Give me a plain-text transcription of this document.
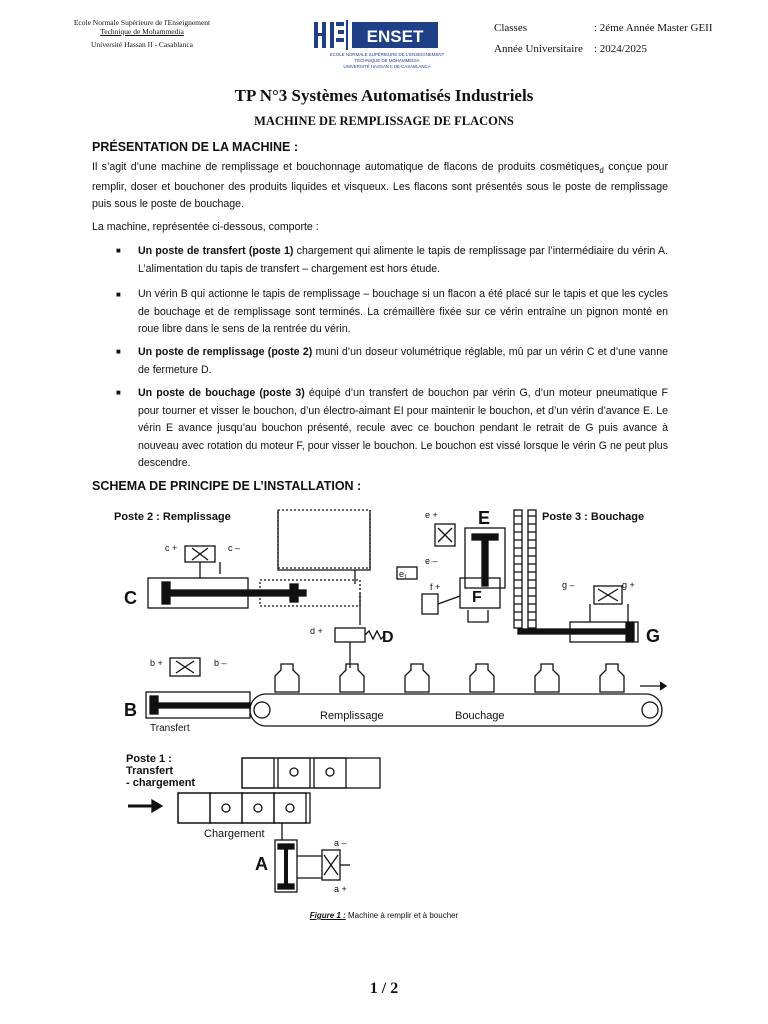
Ecole Normale Supérieure de l'Enseignement
Technique de Mohammedia
Université Hassan II - Casablanca	ENSET
ECOLE NORMALE SUPÉRIEURE DE L'ENSEIGNEMENT
TECHNIQUE DE MOHAMMEDIA
UNIVERSITÉ HASSAN II DE CASABLANCA
Classes	: 2éme Année Master GEII
Année Universitaire	: 2024/2025
TP N°3 Systèmes Automatisés Industriels
MACHINE DE REMPLISSAGE DE FLACONS
PRÉSENTATION DE LA MACHINE :
Il s’agit d’une machine de remplissage et bouchonnage automatique de flacons de produits cosmétiques$_d$ conçue pour remplir, doser et bouchoner des produits liquides et visqueux. Les flacons sont présentés sous le poste de remplissage puis sous le poste de bouchage.
La machine, représentée ci-dessous, comporte :
■ Un poste de transfert (poste 1) chargement qui alimente le tapis de remplissage par l’intermédiaire du vérin A. L’alimentation du tapis de transfert – chargement est hors étude.
■ Un vérin B qui actionne le tapis de remplissage – bouchage si un flacon a été placé sur le tapis et que les cycles de bouchage et de remplissage sont terminés. La crémaillère fixée sur ce vérin entraîne un pignon monté en roue libre dans le sens de la rentrée du vérin.
■ Un poste de remplissage (poste 2) muni d’un doseur volumétrique réglable, mû par un vérin C et d’une vanne de fermeture D.
■ Un poste de bouchage (poste 3) équipé d’un transfert de bouchon par vérin G, d’un moteur pneumatique F pour tourner et visser le bouchon, d’un électro-aimant EI pour maintenir le bouchon, et d’un vérin d’avance E. Le vérin E avance jusqu’au bouchon présenté, recule avec ce bouchon pendant le retrait de G puis avance à nouveau avec rotation du moteur F, pour visser le bouchon. Le bouchon est vissé lorsque le vérin G ne peut plus descendre.
SCHEMA DE PRINCIPE DE L’INSTALLATION :
Poste 2 : Remplissage
c +	c –
C
d +	D
Poste 3 : Bouchage
E
e +
e –
$e_1$
F
f +	g –	g +
G
Remplissage	Bouchage
b +	b –
B
Transfert
Poste 1 :
Transfert
- chargement
Chargement
A
a –
a +
Figure 1 : Machine à remplir et à boucher
1 / 2
